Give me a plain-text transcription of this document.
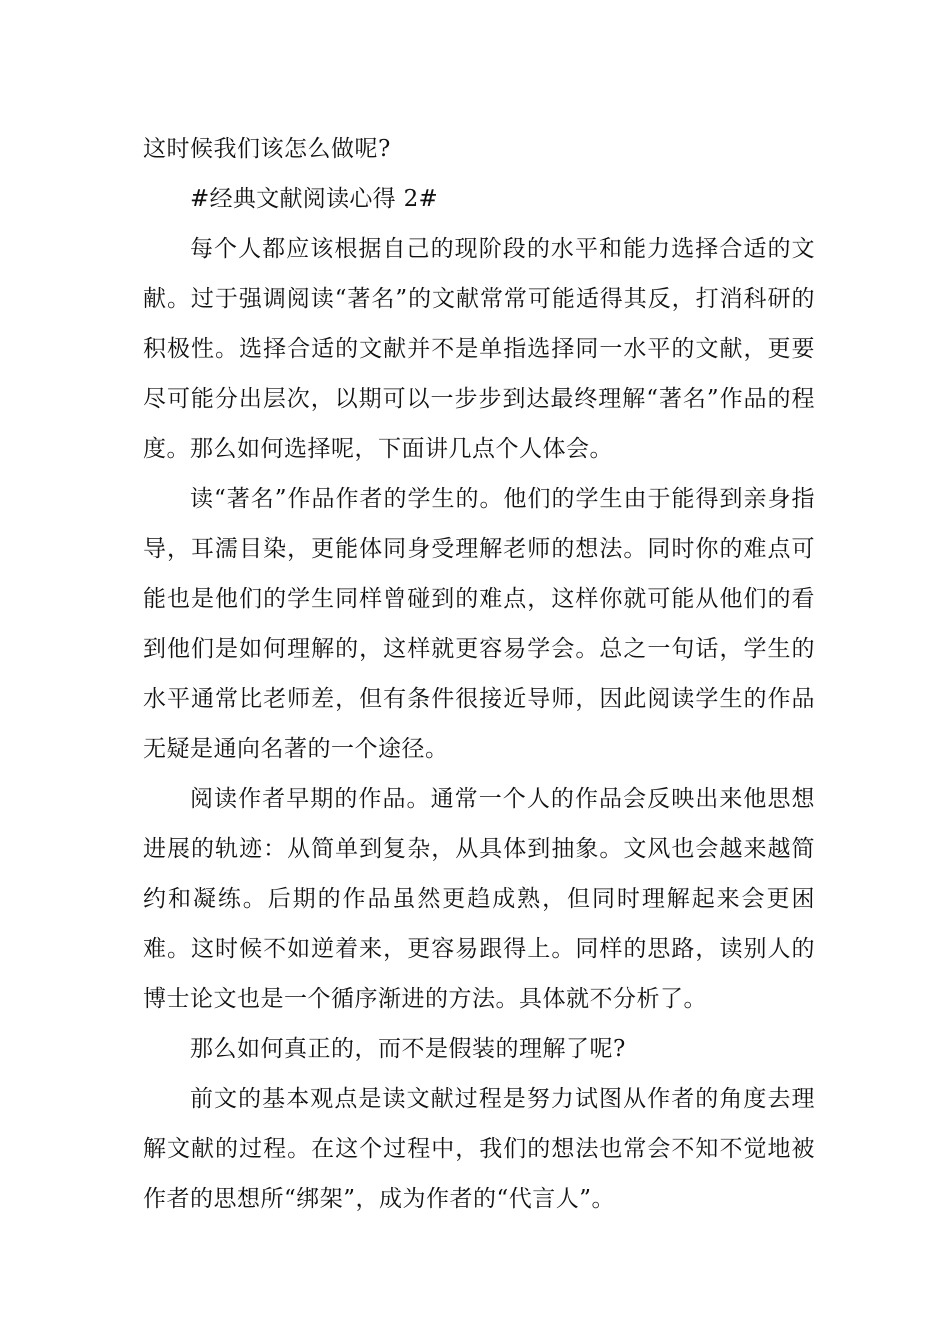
这时候我们该怎么做呢?

#经典文献阅读心得 2#

每个人都应该根据自己的现阶段的水平和能力选择合适的文献。过于强调阅读“著名”的文献常常可能适得其反，打消科研的积极性。选择合适的文献并不是单指选择同一水平的文献，更要尽可能分出层次，以期可以一步步到达最终理解“著名”作品的程度。那么如何选择呢，下面讲几点个人体会。

读“著名”作品作者的学生的。他们的学生由于能得到亲身指导，耳濡目染，更能体同身受理解老师的想法。同时你的难点可能也是他们的学生同样曾碰到的难点，这样你就可能从他们的看到他们是如何理解的，这样就更容易学会。总之一句话，学生的水平通常比老师差，但有条件很接近导师，因此阅读学生的作品无疑是通向名著的一个途径。

阅读作者早期的作品。通常一个人的作品会反映出来他思想进展的轨迹：从简单到复杂，从具体到抽象。文风也会越来越简约和凝练。后期的作品虽然更趋成熟，但同时理解起来会更困难。这时候不如逆着来，更容易跟得上。同样的思路，读别人的博士论文也是一个循序渐进的方法。具体就不分析了。

那么如何真正的，而不是假装的理解了呢?

前文的基本观点是读文献过程是努力试图从作者的角度去理解文献的过程。在这个过程中，我们的想法也常会不知不觉地被作者的思想所“绑架”，成为作者的“代言人”。
